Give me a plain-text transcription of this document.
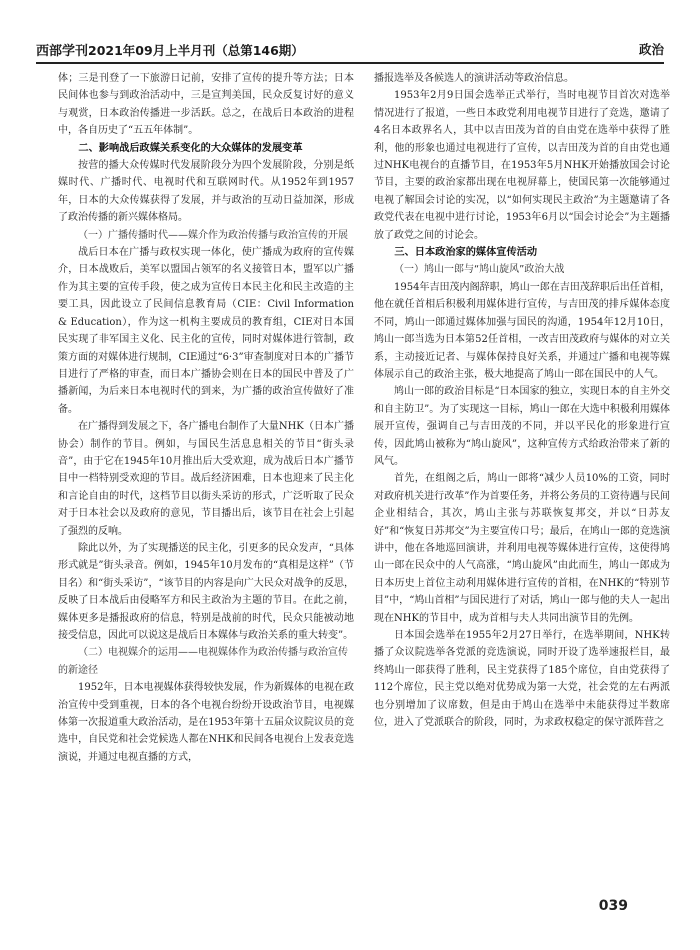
西部学刊2021年09月上半月刊（总第146期）	政治

体；三是刊登了一下旅游日记前，安排了宣传的提升等方法；日本民间体也参与到政治活动中，三是宣判美国，民众反复讨好的意义与观赏，日本政治传播进一步活跃。总之，在战后日本政治的进程中，各自历史了“五五年体制”。

二、影响战后政媒关系变化的大众媒体的发展变革

按营的播大众传媒时代发展阶段分为四个发展阶段，分别是纸媒时代、广播时代、电视时代和互联网时代。从1952年到1957年，日本的大众传媒获得了发展，并与政治的互动日益加深，形成了政治传播的新兴媒体格局。

（一）广播传播时代——媒介作为政治传播与政治宣传的开展

战后日本在广播与政权实现一体化，使广播成为政府的宣传媒介，日本战败后，美军以盟国占领军的名义接管日本，盟军以广播作为其主要的宣传手段，使之成为宣传日本民主化和民主改造的主要工具，因此设立了民间信息教育局（CIE：Civil Information & Education），作为这一机构主要成员的教育组，CIE对日本国民实现了非军国主义化、民主化的宣传，同时对媒体进行管制，政策方面的对媒体进行规制，CIE通过“6·3”审查制度对日本的广播节目进行了严格的审查，而日本广播协会则在日本的国民中普及了广播新闻，为后来日本电视时代的到来，为广播的政治宣传做好了准备。

在广播得到发展之下，各广播电台制作了大量NHK（日本广播协会）制作的节目。例如，与国民生活息息相关的节目“街头录音”，由于它在1945年10月推出后大受欢迎，成为战后日本广播节目中一档特别受欢迎的节目。战后经济困难，日本也迎来了民主化和言论自由的时代，这档节目以街头采访的形式，广泛听取了民众对于日本社会以及政府的意见，节目播出后，该节目在社会上引起了强烈的反响。

除此以外，为了实现播送的民主化，引更多的民众发声，“具体形式就是”街头录音。例如，1945年10月发布的“真相是这样”（节目名）和“街头采访”，“该节目的内容是向广大民众对战争的反思，反映了日本战后由侵略军方和民主政治为主题的节目。在此之前，媒体更多是播报政府的信息，特别是战前的时代，民众只能被动地接受信息，因此可以说这是战后日本媒体与政治关系的重大转变”。

（二）电视媒介的运用——电视媒体作为政治传播与政治宣传的新途径

1952年，日本电视媒体获得较快发展，作为新媒体的电视在政治宣传中受到重视，日本的各个电视台纷纷开设政治节目，电视媒体第一次报道重大政治活动，是在1953年第十五届众议院议员的竞选中，自民党和社会党候选人都在NHK和民间各电视台上发表竞选演说，并通过电视直播的方式，

播报选举及各候选人的演讲活动等政治信息。

1953年2月9日国会选举正式举行，当时电视节目首次对选举情况进行了报道，一些日本政党利用电视节目进行了竞选，邀请了4名日本政界名人，其中以吉田茂为首的自由党在选举中获得了胜利，他的形象也通过电视进行了宣传，以吉田茂为首的自由党也通过NHK电视台的直播节目，在1953年5月NHK开始播放国会讨论节目，主要的政治家都出现在电视屏幕上，使国民第一次能够通过电视了解国会讨论的实况，以“如何实现民主政治”为主题邀请了各政党代表在电视中进行讨论，1953年6月以“国会讨论会”为主题播放了政党之间的讨论会。

三、日本政治家的媒体宣传活动
（一）鸠山一郎与“鸠山旋风”政治大战

1954年吉田茂内阁辞职，鸠山一郎在吉田茂辞职后出任首相，他在就任首相后积极利用媒体进行宣传，与吉田茂的排斥媒体态度不同，鸠山一郎通过媒体加强与国民的沟通，1954年12月10日，鸠山一郎当选为日本第52任首相，一改吉田茂政府与媒体的对立关系，主动接近记者、与媒体保持良好关系，并通过广播和电视等媒体展示自己的政治主张，极大地提高了鸠山一郎在国民中的人气。

鸠山一郎的政治目标是“日本国家的独立，实现日本的自主外交和自主防卫”。为了实现这一目标，鸠山一郎在大选中积极利用媒体展开宣传，强调自己与吉田茂的不同，并以平民化的形象进行宣传，因此鸠山被称为“鸠山旋风”，这种宣传方式给政治带来了新的风气。

首先，在组阁之后，鸠山一郎将“减少人员10%的工资，同时对政府机关进行改革”作为首要任务，并将公务员的工资待遇与民间企业相结合，其次，鸠山主张与苏联恢复邦交，并以“日苏友好”和“恢复日苏邦交”为主要宣传口号；最后，在鸠山一郎的竞选演讲中，他在各地巡回演讲，并利用电视等媒体进行宣传，这使得鸠山一郎在民众中的人气高涨，“鸠山旋风”由此而生，鸠山一郎成为日本历史上首位主动利用媒体进行宣传的首相，在NHK的“特别节目”中，“鸠山首相”与国民进行了对话，鸠山一郎与他的夫人一起出现在NHK的节目中，成为首相与夫人共同出演节目的先例。

日本国会选举在1955年2月27日举行，在选举期间，NHK转播了众议院选举各党派的竞选演说，同时开设了选举速报栏目，最终鸠山一郎获得了胜利，民主党获得了185个席位，自由党获得了112个席位，民主党以绝对优势成为第一大党，社会党的左右两派也分别增加了议席数，但是由于鸠山在选举中未能获得过半数席位，进入了党派联合的阶段，同时，为求政权稳定的保守派阵营之

039
